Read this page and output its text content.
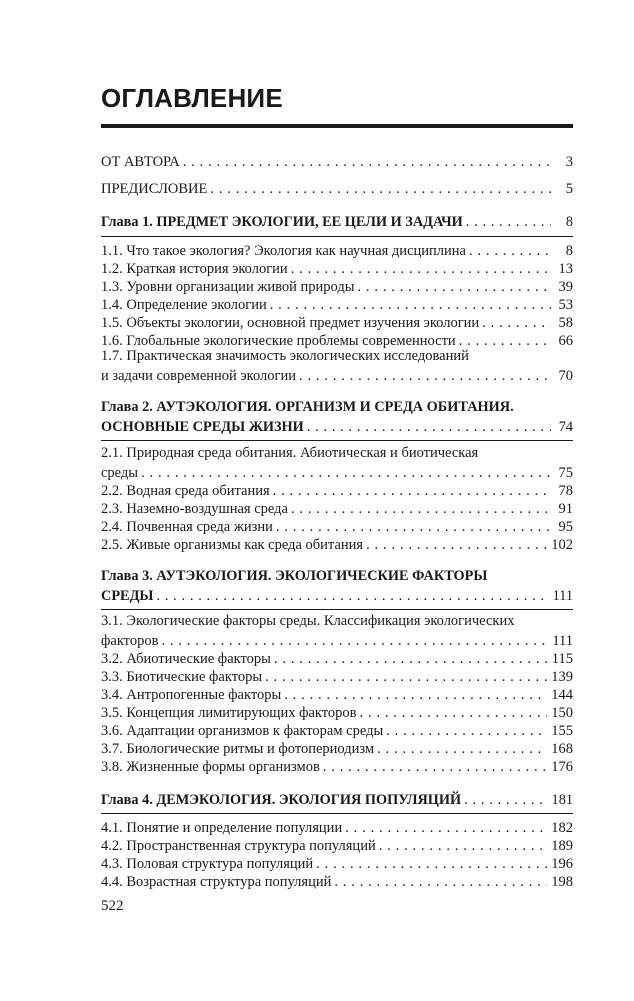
ОГЛАВЛЕНИЕ
ОТ АВТОРА . . .	3
ПРЕДИСЛОВИЕ . . .	5
Глава 1. ПРЕДМЕТ ЭКОЛОГИИ, ЕЕ ЦЕЛИ И ЗАДАЧИ . . .	8
1.1. Что такое экология? Экология как научная дисциплина . . .	8
1.2. Краткая история экологии . . .	13
1.3. Уровни организации живой природы . . .	39
1.4. Определение экологии . . .	53
1.5. Объекты экологии, основной предмет изучения экологии . . .	58
1.6. Глобальные экологические проблемы современности . . .	66
1.7. Практическая значимость экологических исследований
и задачи современной экологии . . .	70
Глава 2. АУТЭКОЛОГИЯ. ОРГАНИЗМ И СРЕДА ОБИТАНИЯ.
ОСНОВНЫЕ СРЕДЫ ЖИЗНИ . . .	74
2.1. Природная среда обитания. Абиотическая и биотическая
среды . . .	75
2.2. Водная среда обитания . . .	78
2.3. Наземно-воздушная среда . . .	91
2.4. Почвенная среда жизни . . .	95
2.5. Живые организмы как среда обитания . . .	102
Глава 3. АУТЭКОЛОГИЯ. ЭКОЛОГИЧЕСКИЕ ФАКТОРЫ
СРЕДЫ . . .	111
3.1. Экологические факторы среды. Классификация экологических
факторов . . .	111
3.2. Абиотические факторы . . .	115
3.3. Биотические факторы . . .	139
3.4. Антропогенные факторы . . .	144
3.5. Концепция лимитирующих факторов . . .	150
3.6. Адаптации организмов к факторам среды . . .	155
3.7. Биологические ритмы и фотопериодизм . . .	168
3.8. Жизненные формы организмов . . .	176
Глава 4. ДЕМЭКОЛОГИЯ. ЭКОЛОГИЯ ПОПУЛЯЦИЙ . . .	181
4.1. Понятие и определение популяции . . .	182
4.2. Пространственная структура популяций . . .	189
4.3. Половая структура популяций . . .	196
4.4. Возрастная структура популяций . . .	198
522
